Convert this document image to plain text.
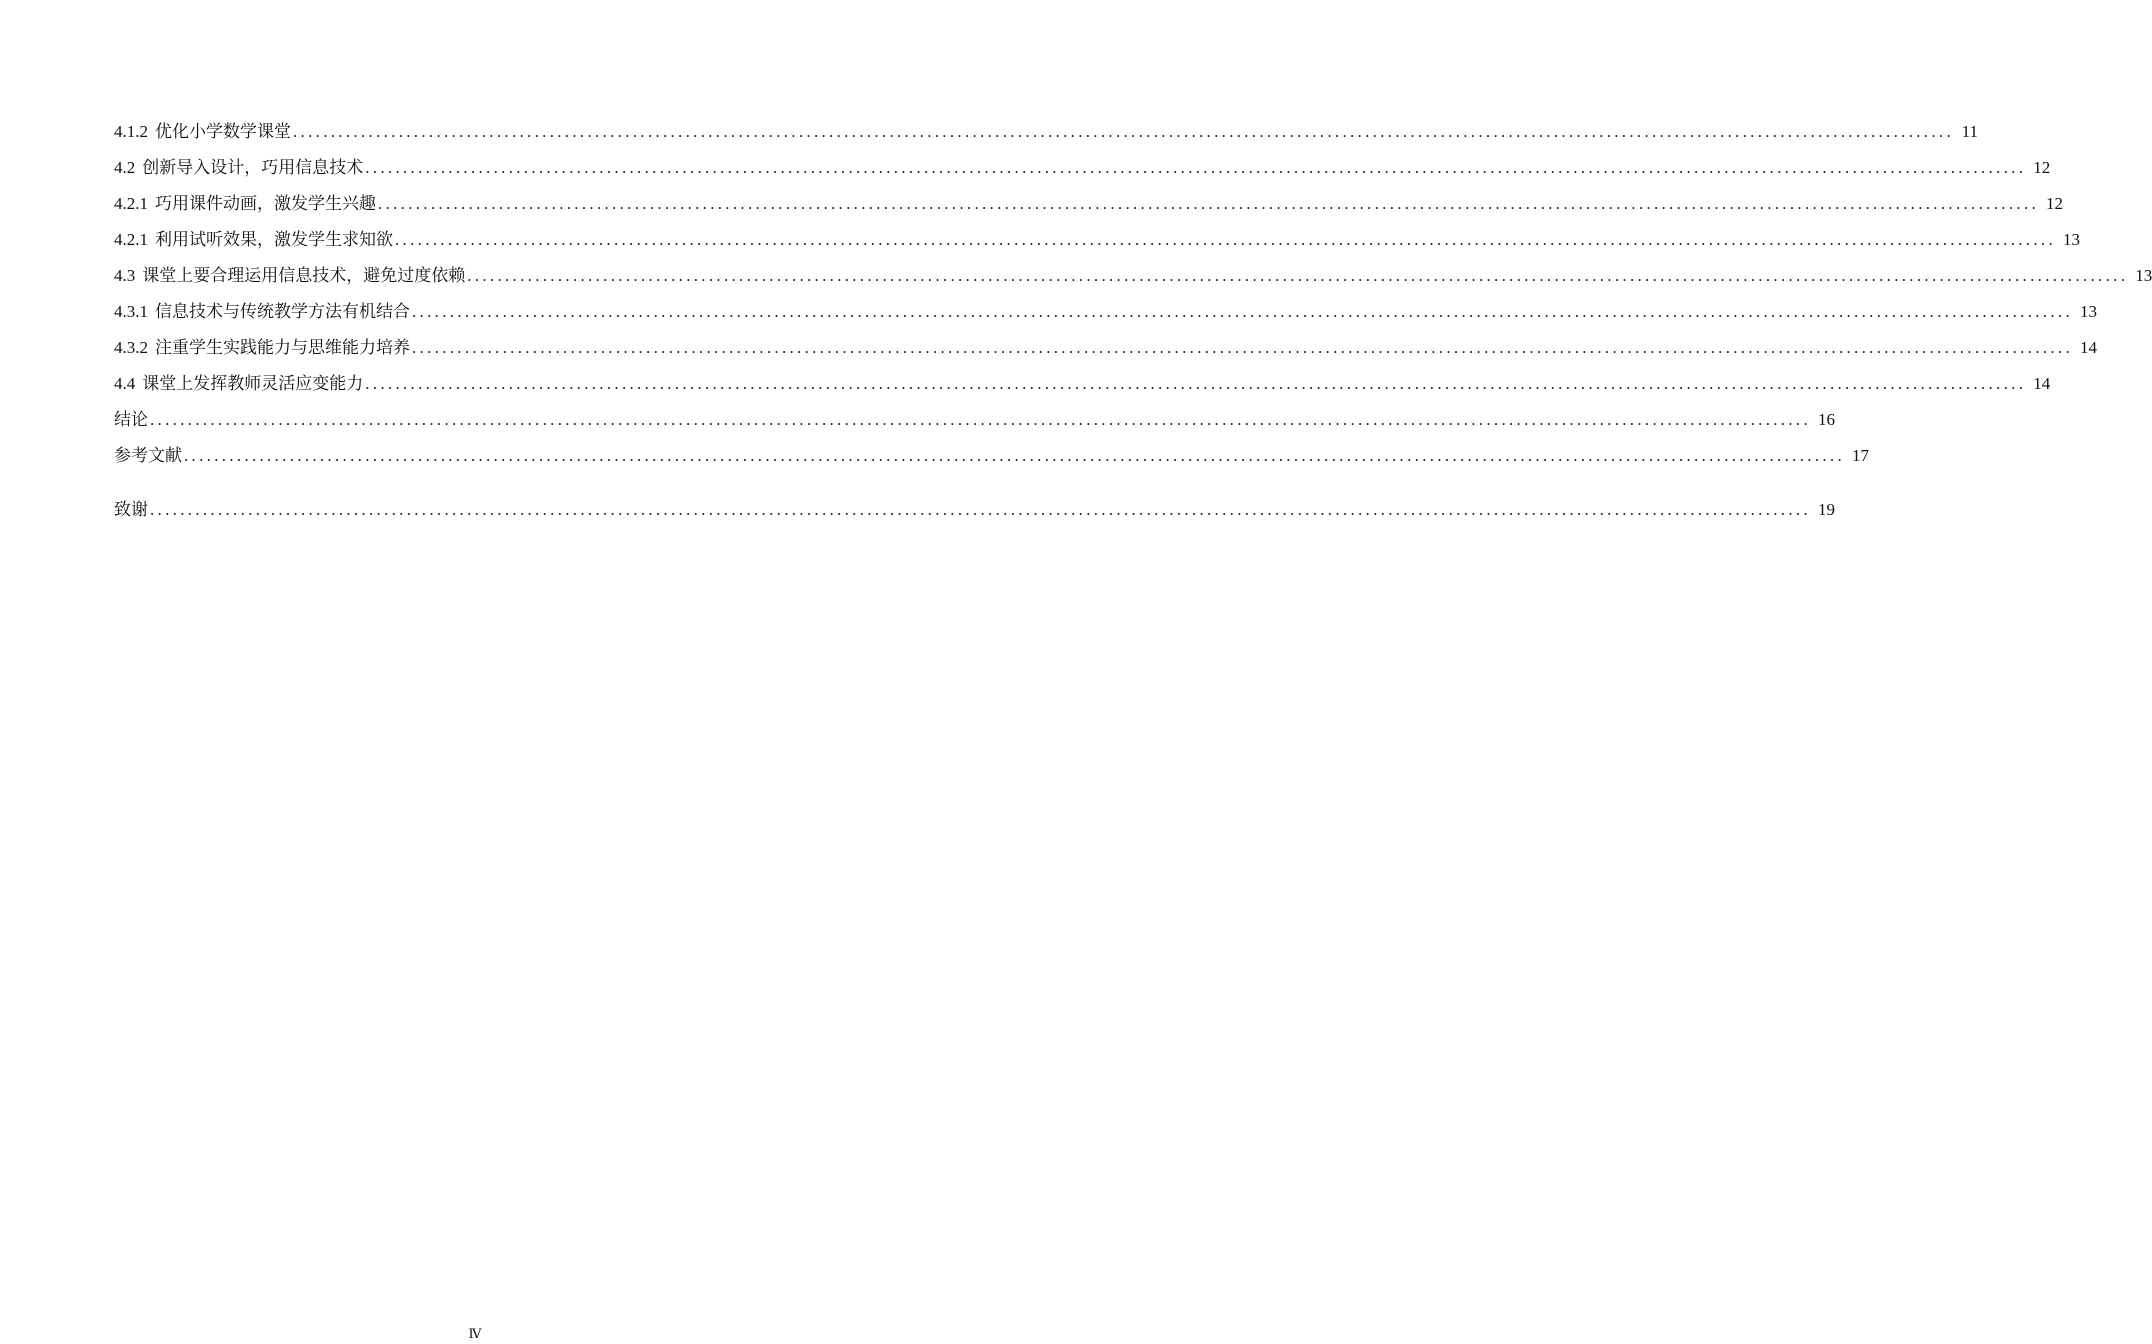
4.1.2 优化小学数学课堂 ............................................................................................................................................................................................................................ 11
4.2 创新导入设计，巧用信息技术 ............................................................................................................................................................................................................................ 12
4.2.1 巧用课件动画，激发学生兴趣 ............................................................................................................................................................................................................................ 12
4.2.1 利用试听效果，激发学生求知欲 ............................................................................................................................................................................................................................ 13
4.3 课堂上要合理运用信息技术，避免过度依赖 ............................................................................................................................................................................................................................ 13
4.3.1 信息技术与传统教学方法有机结合 ............................................................................................................................................................................................................................ 13
4.3.2 注重学生实践能力与思维能力培养 ............................................................................................................................................................................................................................ 14
4.4 课堂上发挥教师灵活应变能力 ............................................................................................................................................................................................................................ 14
结论 ............................................................................................................................................................................................................................ 16
参考文献 ............................................................................................................................................................................................................................ 17
致谢 ............................................................................................................................................................................................................................ 19
Ⅳ
